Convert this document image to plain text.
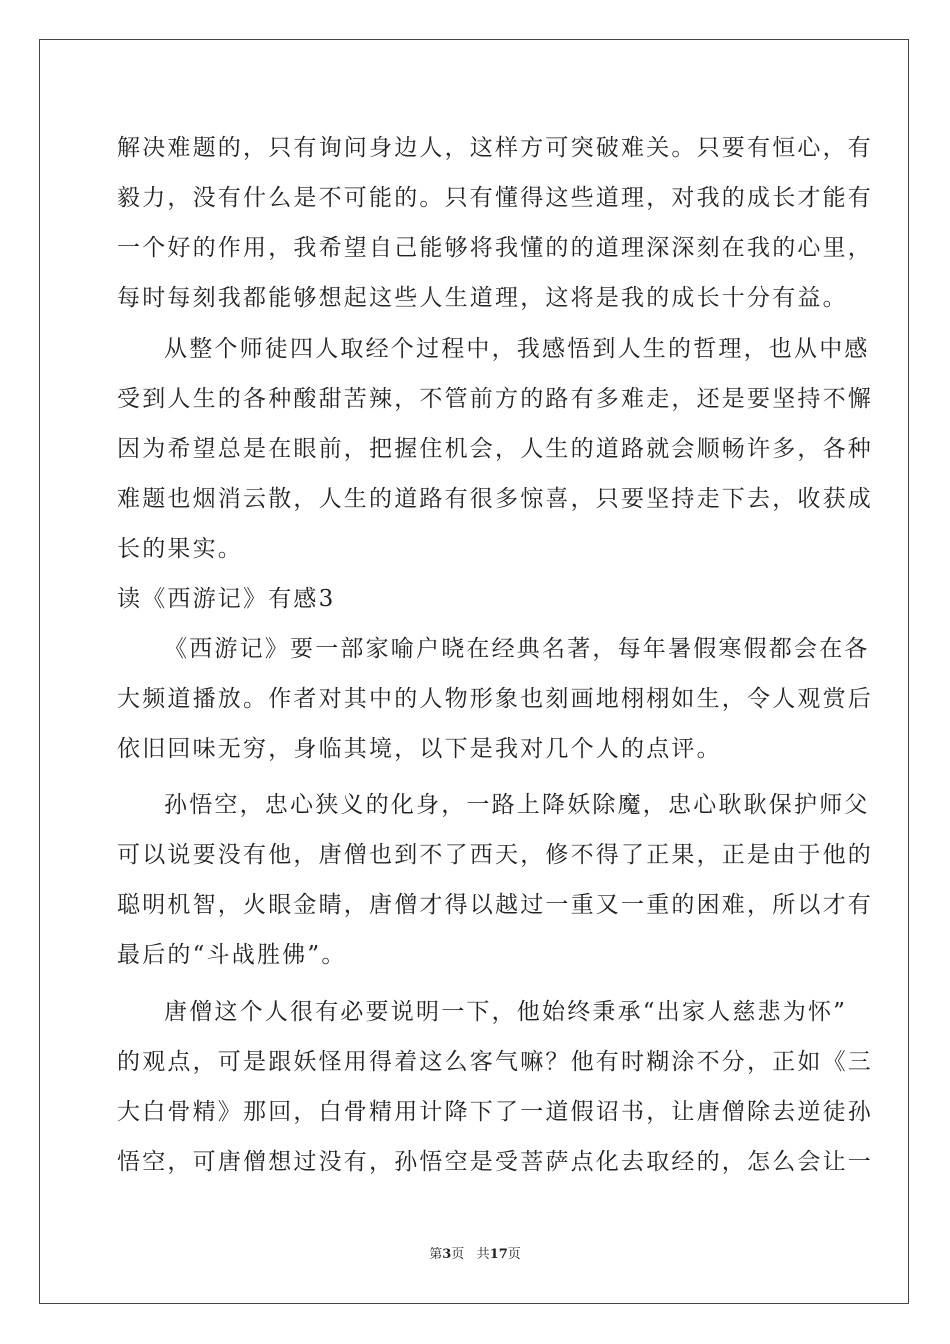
解决难题的，只有询问身边人，这样方可突破难关。只要有恒心，有
毅力，没有什么是不可能的。只有懂得这些道理，对我的成长才能有
一个好的作用，我希望自己能够将我懂的的道理深深刻在我的心里，
每时每刻我都能够想起这些人生道理，这将是我的成长十分有益。
从整个师徒四人取经个过程中，我感悟到人生的哲理，也从中感
受到人生的各种酸甜苦辣，不管前方的路有多难走，还是要坚持不懈
因为希望总是在眼前，把握住机会，人生的道路就会顺畅许多，各种
难题也烟消云散，人生的道路有很多惊喜，只要坚持走下去，收获成
长的果实。
读《西游记》有感3
《西游记》要一部家喻户晓在经典名著，每年暑假寒假都会在各
大频道播放。作者对其中的人物形象也刻画地栩栩如生，令人观赏后
依旧回味无穷，身临其境，以下是我对几个人的点评。
孙悟空，忠心狭义的化身，一路上降妖除魔，忠心耿耿保护师父
可以说要没有他，唐僧也到不了西天，修不得了正果，正是由于他的
聪明机智，火眼金睛，唐僧才得以越过一重又一重的困难，所以才有
最后的“斗战胜佛”。
唐僧这个人很有必要说明一下，他始终秉承“出家人慈悲为怀”
的观点，可是跟妖怪用得着这么客气嘛？他有时糊涂不分，正如《三
大白骨精》那回，白骨精用计降下了一道假诏书，让唐僧除去逆徒孙
悟空，可唐僧想过没有，孙悟空是受菩萨点化去取经的，怎么会让一
第3页 共17页
